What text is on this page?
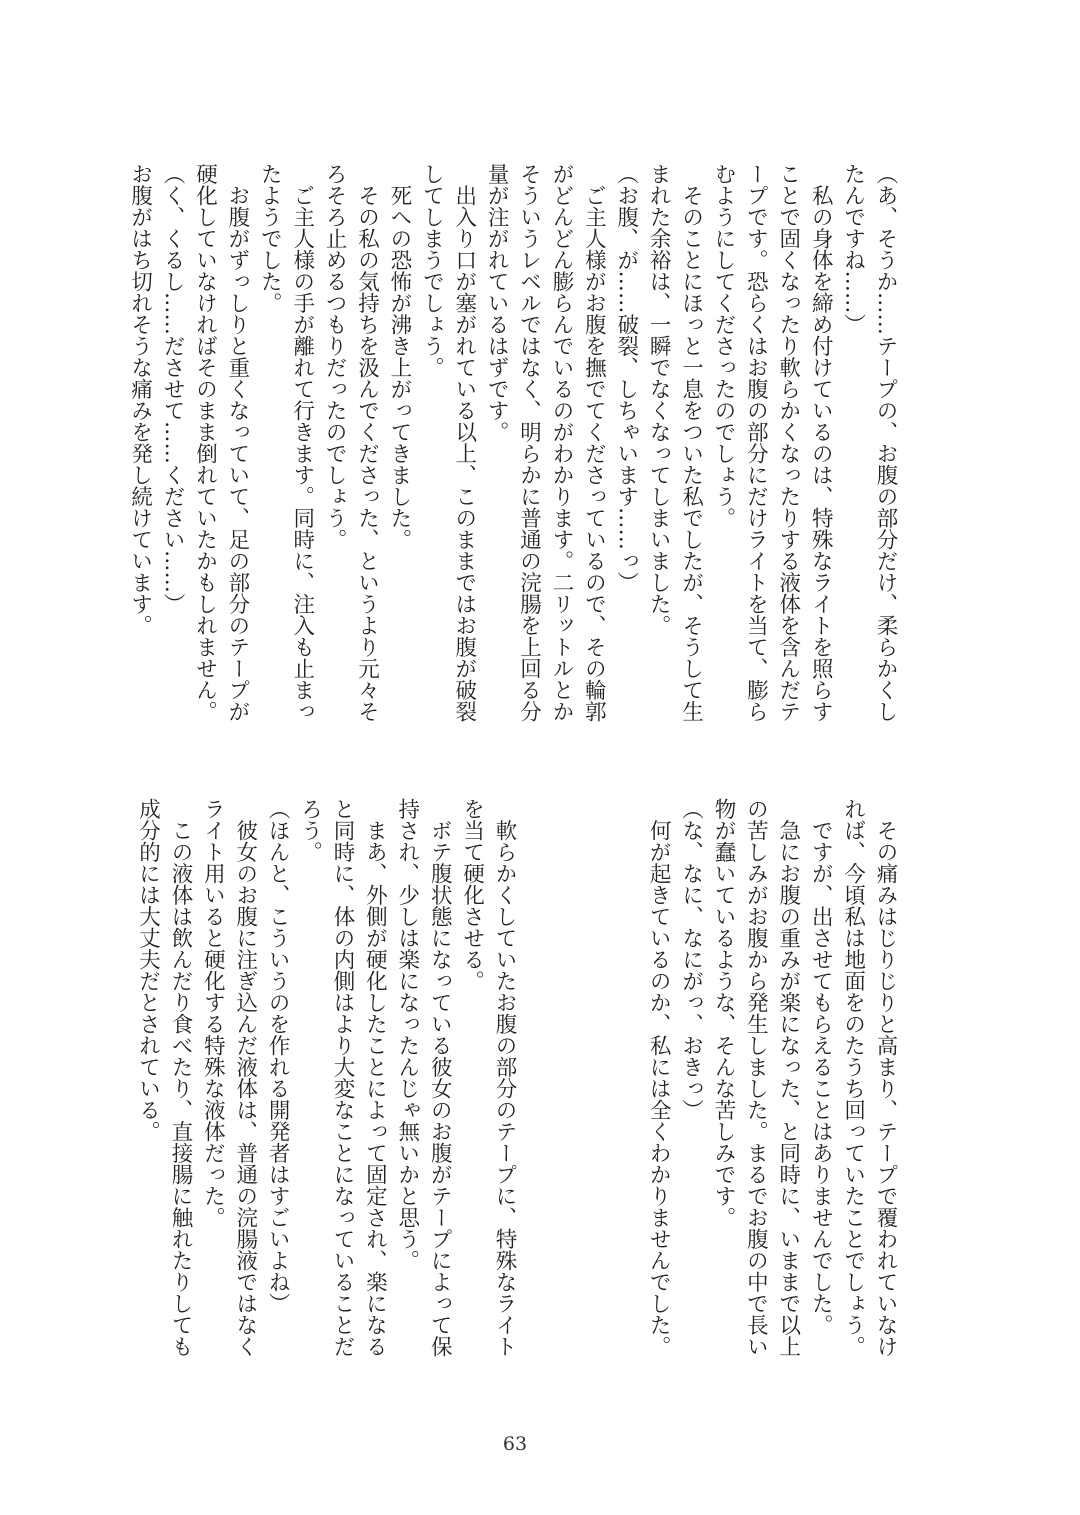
（あ、そうか……テープの、お腹の部分だけ、柔らかくし
たんですね……）
　私の身体を締め付けているのは、特殊なライトを照らす
ことで固くなったり軟らかくなったりする液体を含んだテ
ープです。恐らくはお腹の部分にだけライトを当て、膨ら
むようにしてくださったのでしょう。
　そのことにほっと一息をついた私でしたが、そうして生
まれた余裕は、一瞬でなくなってしまいました。
（お腹、が……破裂、しちゃいます……っ）
　ご主人様がお腹を撫でてくださっているので、その輪郭
がどんどん膨らんでいるのがわかります。二リットルとか
そういうレベルではなく、明らかに普通の浣腸を上回る分
量が注がれているはずです。
　出入り口が塞がれている以上、このままではお腹が破裂
してしまうでしょう。
　死への恐怖が沸き上がってきました。
　その私の気持ちを汲んでくださった、というより元々そ
ろそろ止めるつもりだったのでしょう。
　ご主人様の手が離れて行きます。同時に、注入も止まっ
たようでした。
　お腹がずっしりと重くなっていて、足の部分のテープが
硬化していなければそのまま倒れていたかもしれません。
（く、くるし……ださせて……ください……）
お腹がはち切れそうな痛みを発し続けています。
　その痛みはじりじりと高まり、テープで覆われていなけ
れば、今頃私は地面をのたうち回っていたことでしょう。
　ですが、出させてもらえることはありませんでした。
　急にお腹の重みが楽になった、と同時に、いままで以上
の苦しみがお腹から発生しました。まるでお腹の中で長い
物が蠢いているような、そんな苦しみです。
（な、なに、なにがっ、おきっ）
　何が起きているのか、私には全くわかりませんでした。
　軟らかくしていたお腹の部分のテープに、特殊なライト
を当て硬化させる。
　ボテ腹状態になっている彼女のお腹がテープによって保
持され、少しは楽になったんじゃ無いかと思う。
　まあ、外側が硬化したことによって固定され、楽になる
と同時に、体の内側はより大変なことになっていることだ
ろう。
（ほんと、こういうのを作れる開発者はすごいよね）
　彼女のお腹に注ぎ込んだ液体は、普通の浣腸液ではなく
ライト用いると硬化する特殊な液体だった。
　この液体は飲んだり食べたり、直接腸に触れたりしても
成分的には大丈夫だとされている。
63
